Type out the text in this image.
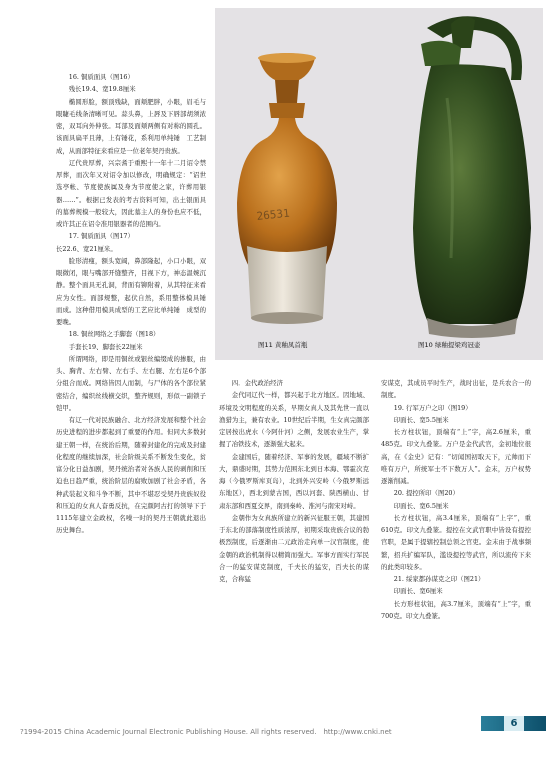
26531
图11 黄釉凤首瓶	图10 绿釉提梁鸡冠壶

16. 铜质面具（图16）

残长19.4、宽19.8厘米

椭圆形脸，额顶残缺，面颊肥胖，小眼，眉毛与眼睫毛线条清晰可见。蒜头鼻，上唇及下唇部胡须浓密，双耳向外伸张。耳部及面颊两侧有对称的圆孔。该面具扁平且薄，上有锤花，系利用单纯锤　工艺制成，从面部特征来看应是一位老年契丹贵族。

辽代贵厚葬，兴宗耆于重熙十一年十二月诏令禁厚葬，而次年又对诏令加以修改，明确规定：“诏世选亭帐、节度使族属及身为节度使之家，许葬用银器……”。根据已发表的考古资料可知，出土银面具的墓葬规模一般较大，因此墓主人的身份也应不低，或许其正在诏令准用银器者的范围内。

17. 铜质面具（图17）

长22.6、宽21厘米。

脸形清瘦，额头宽阔，鼻部隆起，小口小眼，双眼微闭，眼与嘴部开缝整齐，目视下方，神态温婉沉静。整个面具无孔洞，背面有铆附着，从其特征来看应为女性。面部规整，起伏自然，系用整体模具锤　而成。这种借用模具成型的工艺应比单纯锤　成型的要晚。

18. 铜丝网络之手脚套（图18）

手套长19、脚套长22厘米

所谓网络，即是用铜丝或银丝编缀成的掺服，由头、胸背、左右臂、左右手、左右腿、左右足6个部分组合而成。网络皆因人而制，与尸体的各个部位紧密结合，编织丝线横交织，整齐规则，形似一副锁子铠甲。

有辽一代对民族融合、北方经济发展和整个社会历史进程的进步都起到了重要的作用。但同大多数封建王朝一样，在统治后期，随着封建化的完成及封建化程度的继续加深，社会阶级关系不断发生变化，贫富分化日益加剧，契丹统治者对各族人民的剥削和压迫也日趋严重，统治阶层的腐败加剧了社会矛盾，各种武装起义和斗争不断，其中不堪忍受契丹贵族奴役和压迫的女真人奋勇反抗，在完颜阿古打的领导下于1115年建立金政权，名噪一时的契丹王朝就此退出历史舞台。

四．金代政治经济

金代同辽代一样，都兴起于北方地区。因地域、环境及文明程度的关系，早期女真人及其先世一直以渔猎为主，兼有农业。10世纪后半期，生女真完颜部定居按出虎水（今阿什河）之侧，发展农业生产，掌握了冶铁技术，逐渐强大起来。

金建国后，随着经济、军事的发展，疆域不断扩大，鼎盛时期，其势力范围东北到日本海、鄂霍次克海（今俄罗斯库页岛），北到外兴安岭（今俄罗斯远东地区），西北到蒙古国，西以河套、陕西横山、甘肃东部和西夏交界，南到秦岭、淮河与南宋对峙。

金朝作为女真族所建立的新兴征服王朝，其建国于东北的部落制度性质浓厚，初期采取贵族合议的勃极烈制度，后逐渐由二元政治走向单一汉官制度，使金朝的政治机制得以精简而强大。军事方面实行军民合一的猛安谋克制度，千夫长的猛安，百夫长的谋克，合称猛

安谋克，其成员平时生产，战时出征，是兵农合一的制度。

19. 行军万户之印（图19）

印面长、宽5.5厘米

长方柱状钮，顶端有“上”字，高2.6厘米，重485克。印文九叠篆。万户是金代武官，金初地位很高，在《金史》记有：“切闻国初取天下，元帅而下唯有万户，所统军士不下数万人”。金末，万户权势逐渐削减。

20. 提控所印（图20）

印面长、宽6.5厘米

长方柱状钮，高3.4厘米，顶端有“上字”，重610克。印文九叠篆。提控在文武官职中皆设有提控官职，是属于提辖控制总领之官吏。金末由于战事频繁，招兵扩编军队，滥设提控等武官，所以流传下来的此类印较多。

21. 绥家都孙谋克之印（图21）

印面长、宽6厘米

长方形柱状钮，高3.7厘米，顶端有“上”字，重700克。印文九叠篆。

6
?1994-2015 China Academic Journal Electronic Publishing House. All rights reserved.　http://www.cnki.net
